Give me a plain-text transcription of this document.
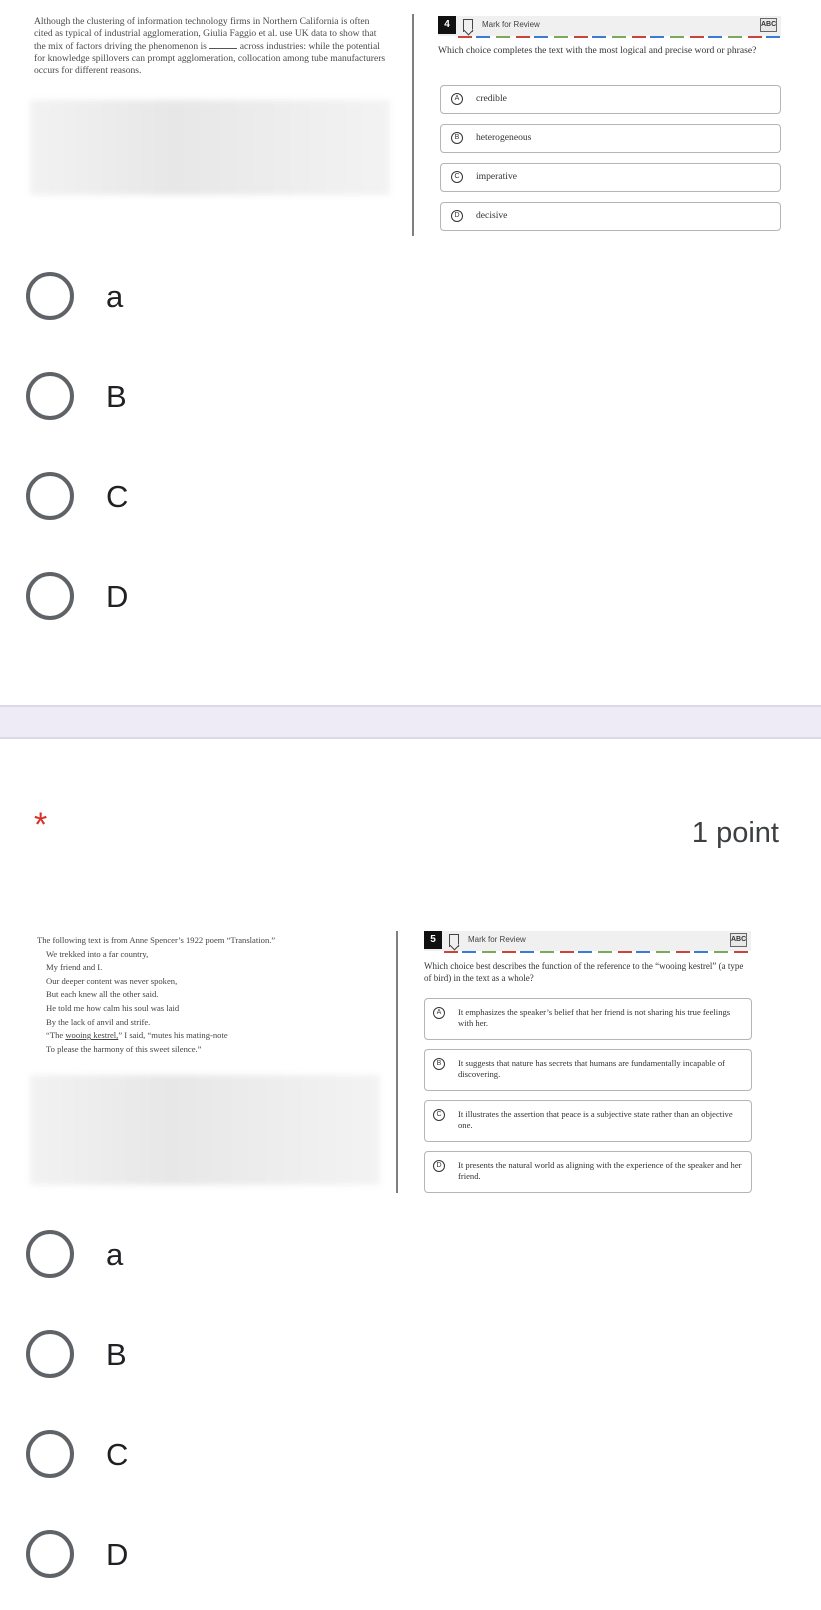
Although the clustering of information technology firms in Northern California is often cited as typical of industrial agglomeration, Giulia Faggio et al. use UK data to show that the mix of factors driving the phenomenon is	across industries: while the potential for knowledge spillovers can prompt agglomeration, collocation among tube manufacturers occurs for different reasons.
4	Mark for Review	ABC
Which choice completes the text with the most logical and precise word or phrase?
A	credible
B	heterogeneous
C	imperative
D	decisive
a
B
C
D
*	1 point
The following text is from Anne Spencer’s 1922 poem “Translation.”
We trekked into a far country,
My friend and I.
Our deeper content was never spoken,
But each knew all the other said.
He told me how calm his soul was laid
By the lack of anvil and strife.
“The wooing kestrel,” I said, “mutes his mating-note
To please the harmony of this sweet silence.”
5	Mark for Review	ABC
Which choice best describes the function of the reference to the “wooing kestrel” (a type of bird) in the text as a whole?
A	It emphasizes the speaker’s belief that her friend is not sharing his true feelings with her.
B	It suggests that nature has secrets that humans are fundamentally incapable of discovering.
C	It illustrates the assertion that peace is a subjective state rather than an objective one.
D	It presents the natural world as aligning with the experience of the speaker and her friend.
a
B
C
D
